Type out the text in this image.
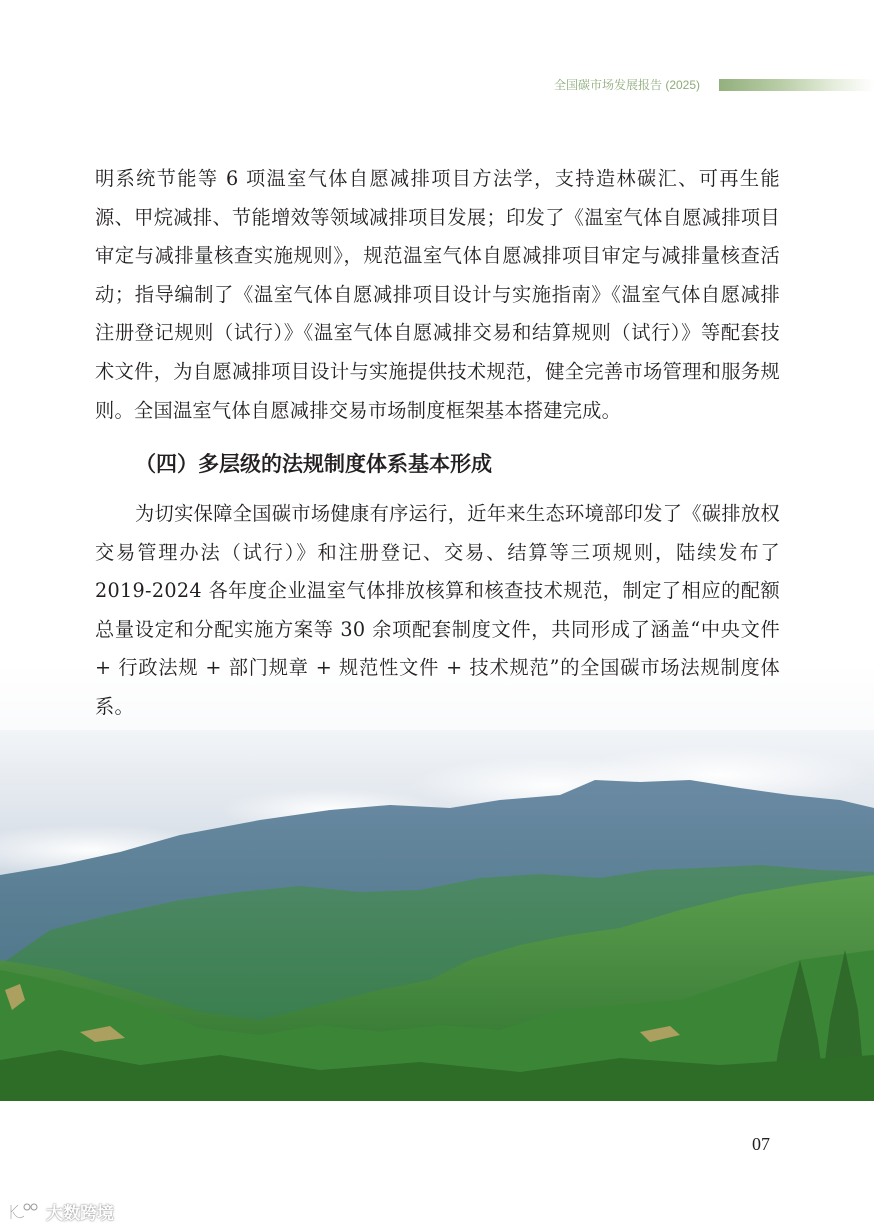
全国碳市场发展报告 (2025)

明系统节能等 6 项温室气体自愿减排项目方法学，支持造林碳汇、可再生能源、甲烷减排、节能增效等领域减排项目发展；印发了《温室气体自愿减排项目审定与减排量核查实施规则》，规范温室气体自愿减排项目审定与减排量核查活动；指导编制了《温室气体自愿减排项目设计与实施指南》《温室气体自愿减排注册登记规则（试行）》《温室气体自愿减排交易和结算规则（试行）》等配套技术文件，为自愿减排项目设计与实施提供技术规范，健全完善市场管理和服务规则。全国温室气体自愿减排交易市场制度框架基本搭建完成。

（四）多层级的法规制度体系基本形成

为切实保障全国碳市场健康有序运行，近年来生态环境部印发了《碳排放权交易管理办法（试行）》和注册登记、交易、结算等三项规则，陆续发布了 2019-2024 各年度企业温室气体排放核算和核查技术规范，制定了相应的配额总量设定和分配实施方案等 30 余项配套制度文件，共同形成了涵盖“中央文件 + 行政法规 + 部门规章 + 规范性文件 + 技术规范”的全国碳市场法规制度体系。

07
大数跨境
